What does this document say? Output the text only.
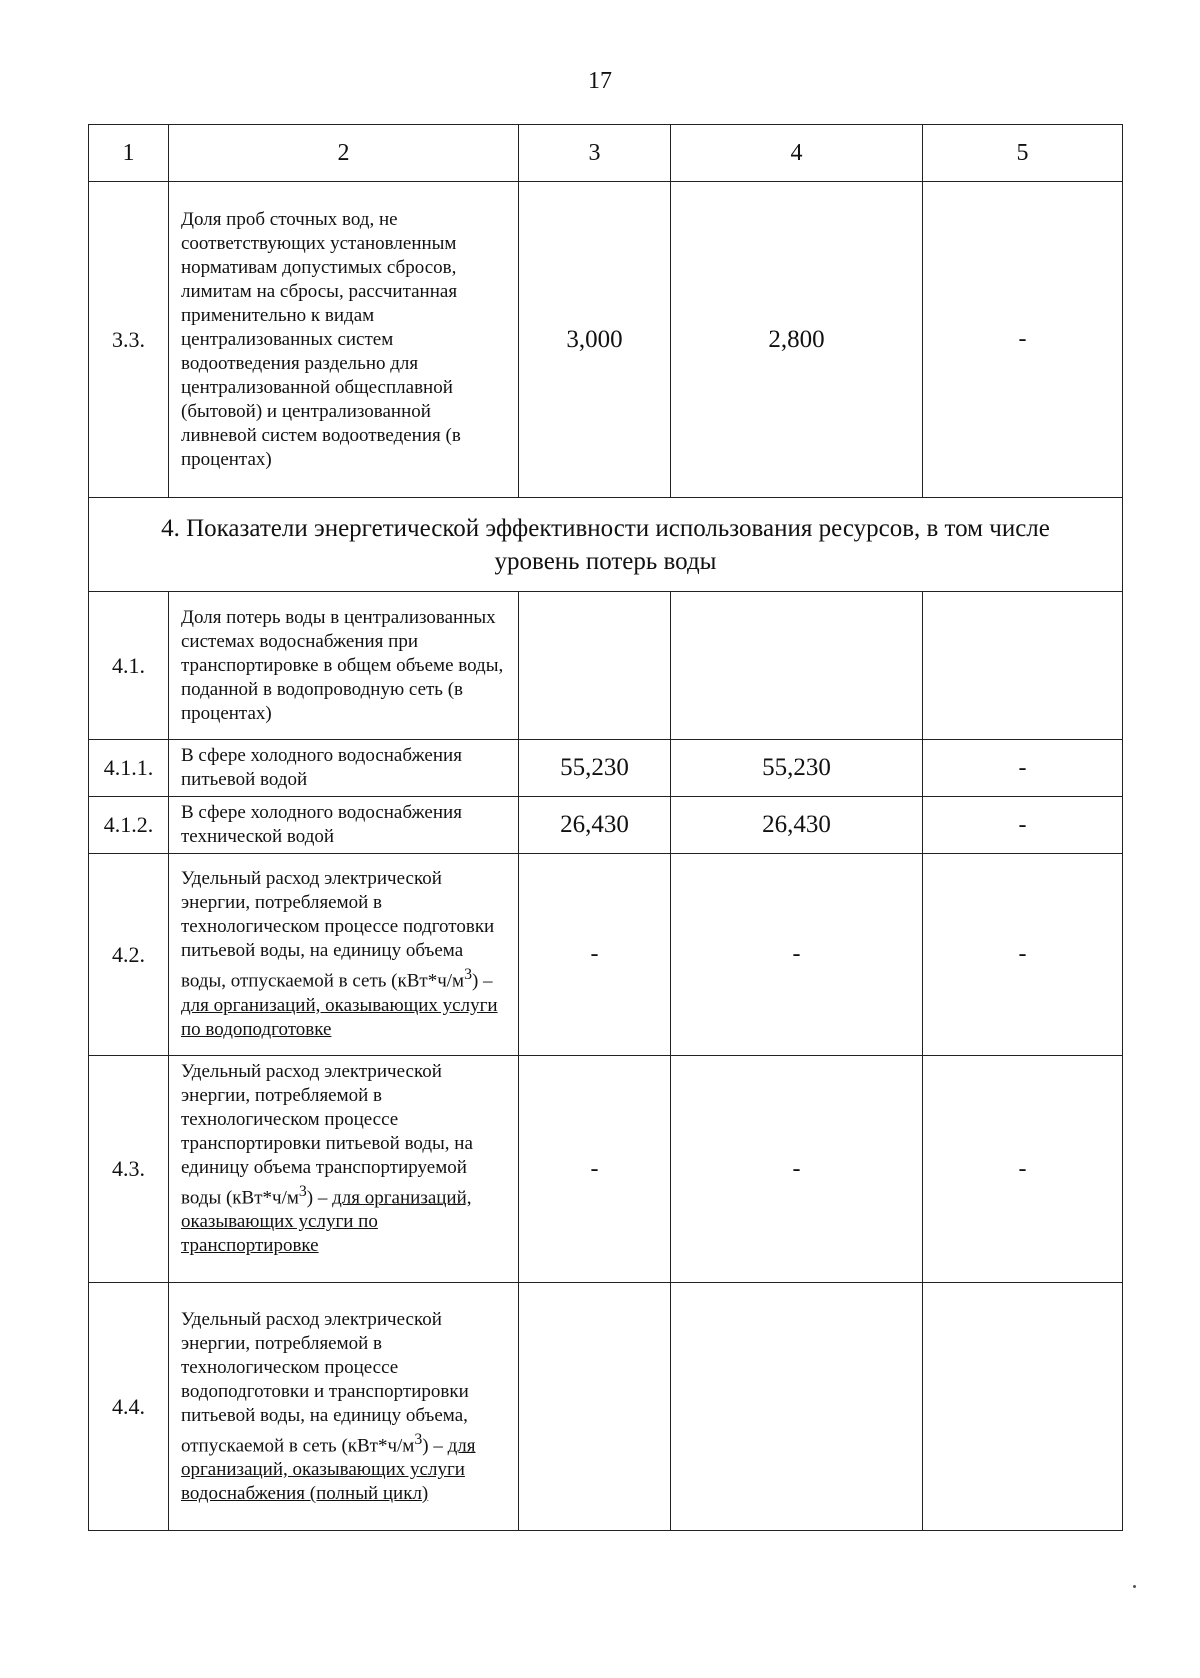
17
1	2	3	4	5
3.3.	Доля проб сточных вод, не соответствующих установленным нормативам допустимых сбросов, лимитам на сбросы, рассчитанная применительно к видам централизованных систем водоотведения раздельно для централизованной общесплавной (бытовой) и централизованной ливневой систем водоотведения (в процентах)	3,000	2,800	-
4. Показатели энергетической эффективности использования ресурсов, в том числе уровень потерь воды				
4.1.	Доля потерь воды в централизованных системах водоснабжения при транспортировке в общем объеме воды, поданной в водопроводную сеть (в процентах)			
4.1.1.	В сфере холодного водоснабжения питьевой водой	55,230	55,230	-
4.1.2.	В сфере холодного водоснабжения технической водой	26,430	26,430	-
4.2.	Удельный расход электрической энергии, потребляемой в технологическом процессе подготовки питьевой воды, на единицу объема воды, отпускаемой в сеть $(кВт*ч/м^3)$ – для организаций, оказывающих услуги по водоподготовке	-	-	-
4.3.	Удельный расход электрической энергии, потребляемой в технологическом процессе транспортировки питьевой воды, на единицу объема транспортируемой воды $(кВт*ч/м^3)$ – для организаций, оказывающих услуги по транспортировке	-	-	-
4.4.	Удельный расход электрической энергии, потребляемой в технологическом процессе водоподготовки и транспортировки питьевой воды, на единицу объема, отпускаемой в сеть $(кВт*ч/м^3)$ – для организаций, оказывающих услуги водоснабжения (полный цикл)			
